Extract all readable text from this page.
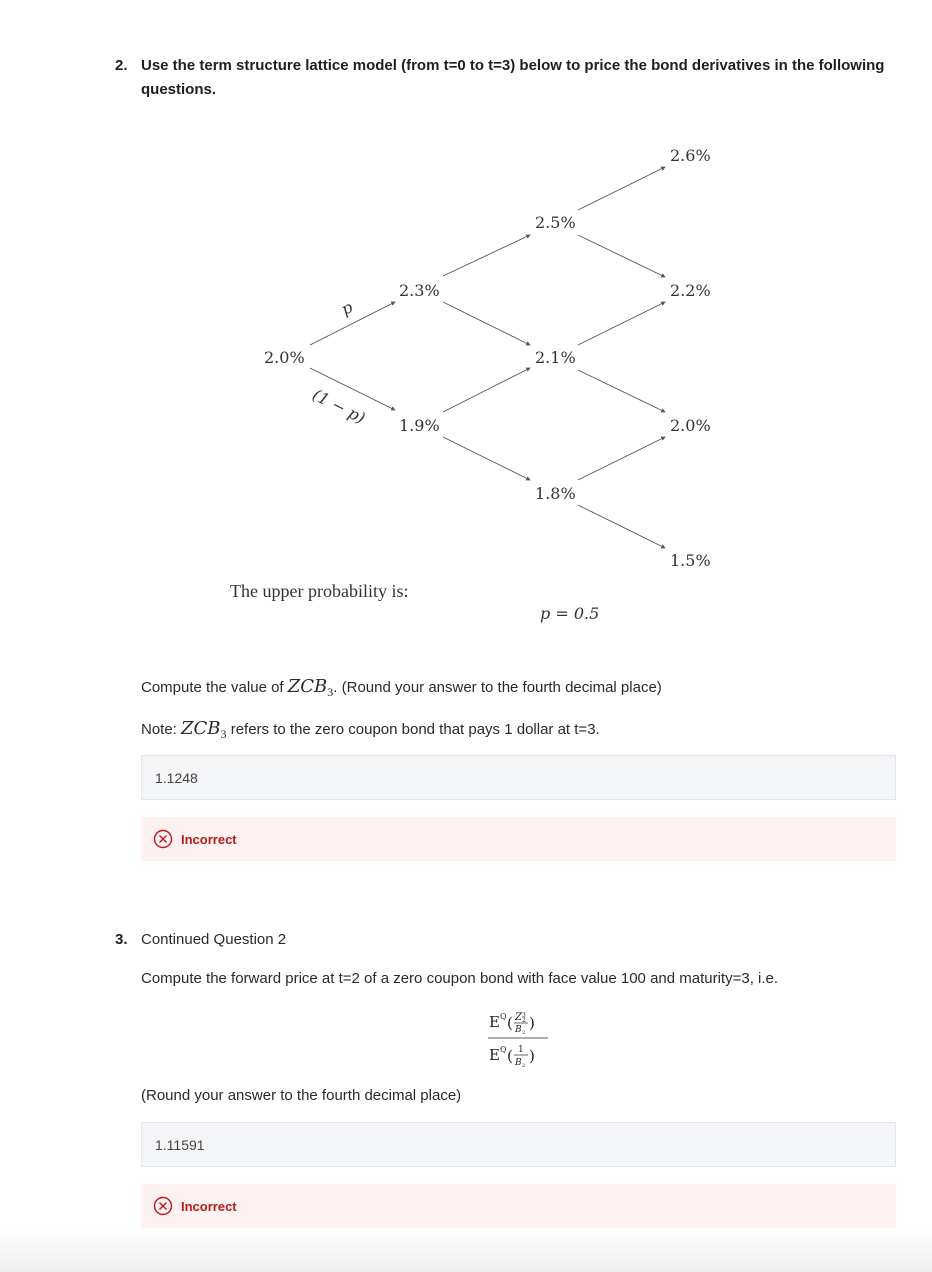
2. Use the term structure lattice model (from t=0 to t=3) below to price the bond derivatives in the following
questions.
2.0%
2.3%
1.9%
2.5%
2.1%
1.8%
2.6%
2.2%
2.0%
1.5%
p
(1 − p)
The upper probability is:
p = 0.5
Compute the value of $ZCB_3$. (Round your answer to the fourth decimal place)
Note: $ZCB_3$ refers to the zero coupon bond that pays 1 dollar at t=3.
1.1248
Incorrect
3. Continued Question 2
Compute the forward price at t=2 of a zero coupon bond with face value 100 and maturity=3, i.e.
E Q ( Z 3
2
B 2
)
E Q ( 1
B 2
)
(Round your answer to the fourth decimal place)
1.11591
Incorrect
